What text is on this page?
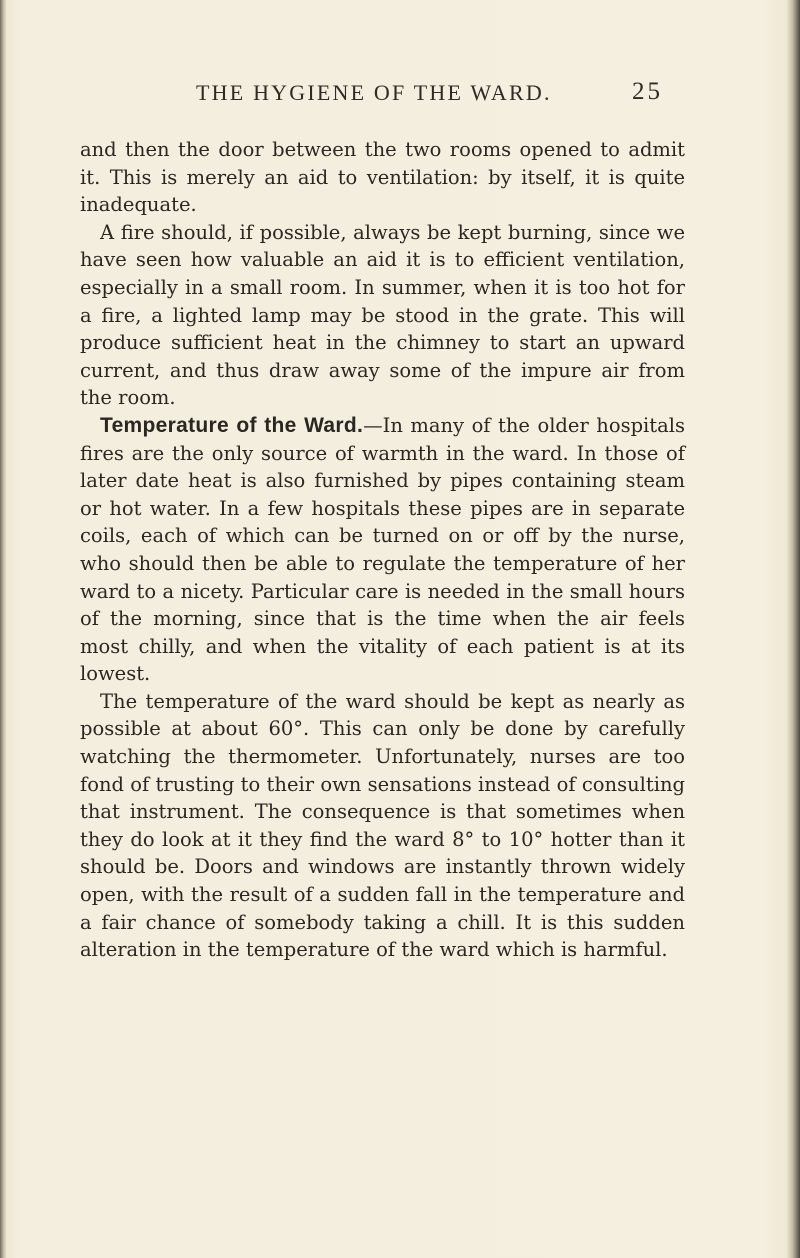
THE HYGIENE OF THE WARD.	25

and then the door between the two rooms opened to admit it. This is merely an aid to ventilation: by itself, it is quite inadequate.

A fire should, if possible, always be kept burning, since we have seen how valuable an aid it is to efficient ventilation, especially in a small room. In summer, when it is too hot for a fire, a lighted lamp may be stood in the grate. This will produce sufficient heat in the chimney to start an upward current, and thus draw away some of the impure air from the room.

Temperature of the Ward.—In many of the older hospitals fires are the only source of warmth in the ward. In those of later date heat is also furnished by pipes containing steam or hot water. In a few hospitals these pipes are in separate coils, each of which can be turned on or off by the nurse, who should then be able to regulate the temperature of her ward to a nicety. Particular care is needed in the small hours of the morning, since that is the time when the air feels most chilly, and when the vitality of each patient is at its lowest.

The temperature of the ward should be kept as nearly as possible at about 60°. This can only be done by carefully watching the thermometer. Unfortunately, nurses are too fond of trusting to their own sensations instead of consulting that instrument. The consequence is that sometimes when they do look at it they find the ward 8° to 10° hotter than it should be. Doors and windows are instantly thrown widely open, with the result of a sudden fall in the temperature and a fair chance of somebody taking a chill. It is this sudden alteration in the temperature of the ward which is harmful.
